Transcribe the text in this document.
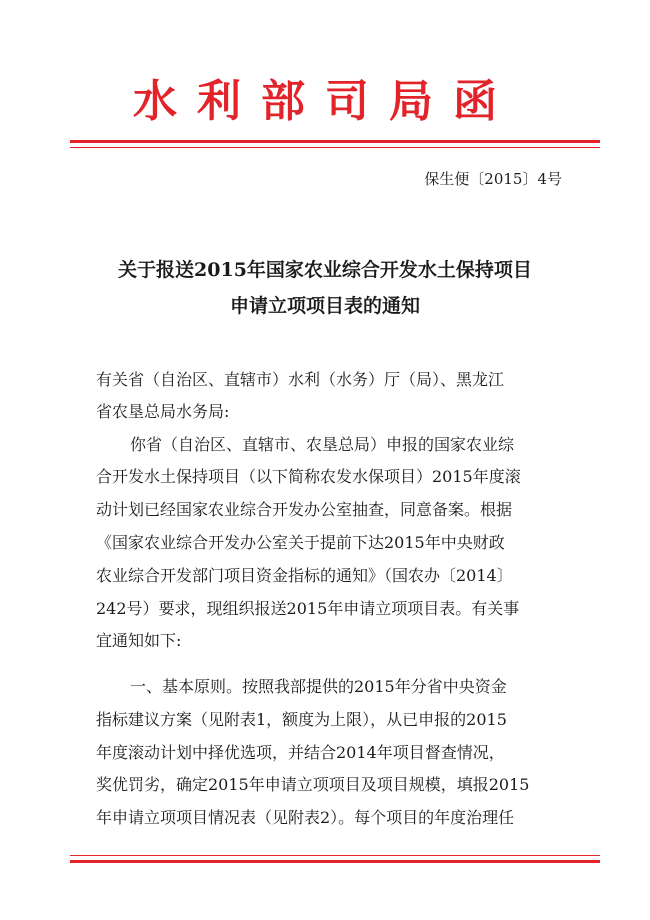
水利部司局函
保生便〔2015〕4号
关于报送2015年国家农业综合开发水土保持项目
申请立项项目表的通知
有关省（自治区、直辖市）水利（水务）厅（局）、黑龙江
省农垦总局水务局:
你省（自治区、直辖市、农垦总局）申报的国家农业综
合开发水土保持项目（以下简称农发水保项目）2015年度滚
动计划已经国家农业综合开发办公室抽查，同意备案。根据
《国家农业综合开发办公室关于提前下达2015年中央财政
农业综合开发部门项目资金指标的通知》（国农办〔2014〕
242号）要求，现组织报送2015年申请立项项目表。有关事
宜通知如下:
一、基本原则。按照我部提供的2015年分省中央资金
指标建议方案（见附表1，额度为上限），从已申报的2015
年度滚动计划中择优选项，并结合2014年项目督查情况，
奖优罚劣，确定2015年申请立项项目及项目规模，填报2015
年申请立项项目情况表（见附表2）。每个项目的年度治理任
